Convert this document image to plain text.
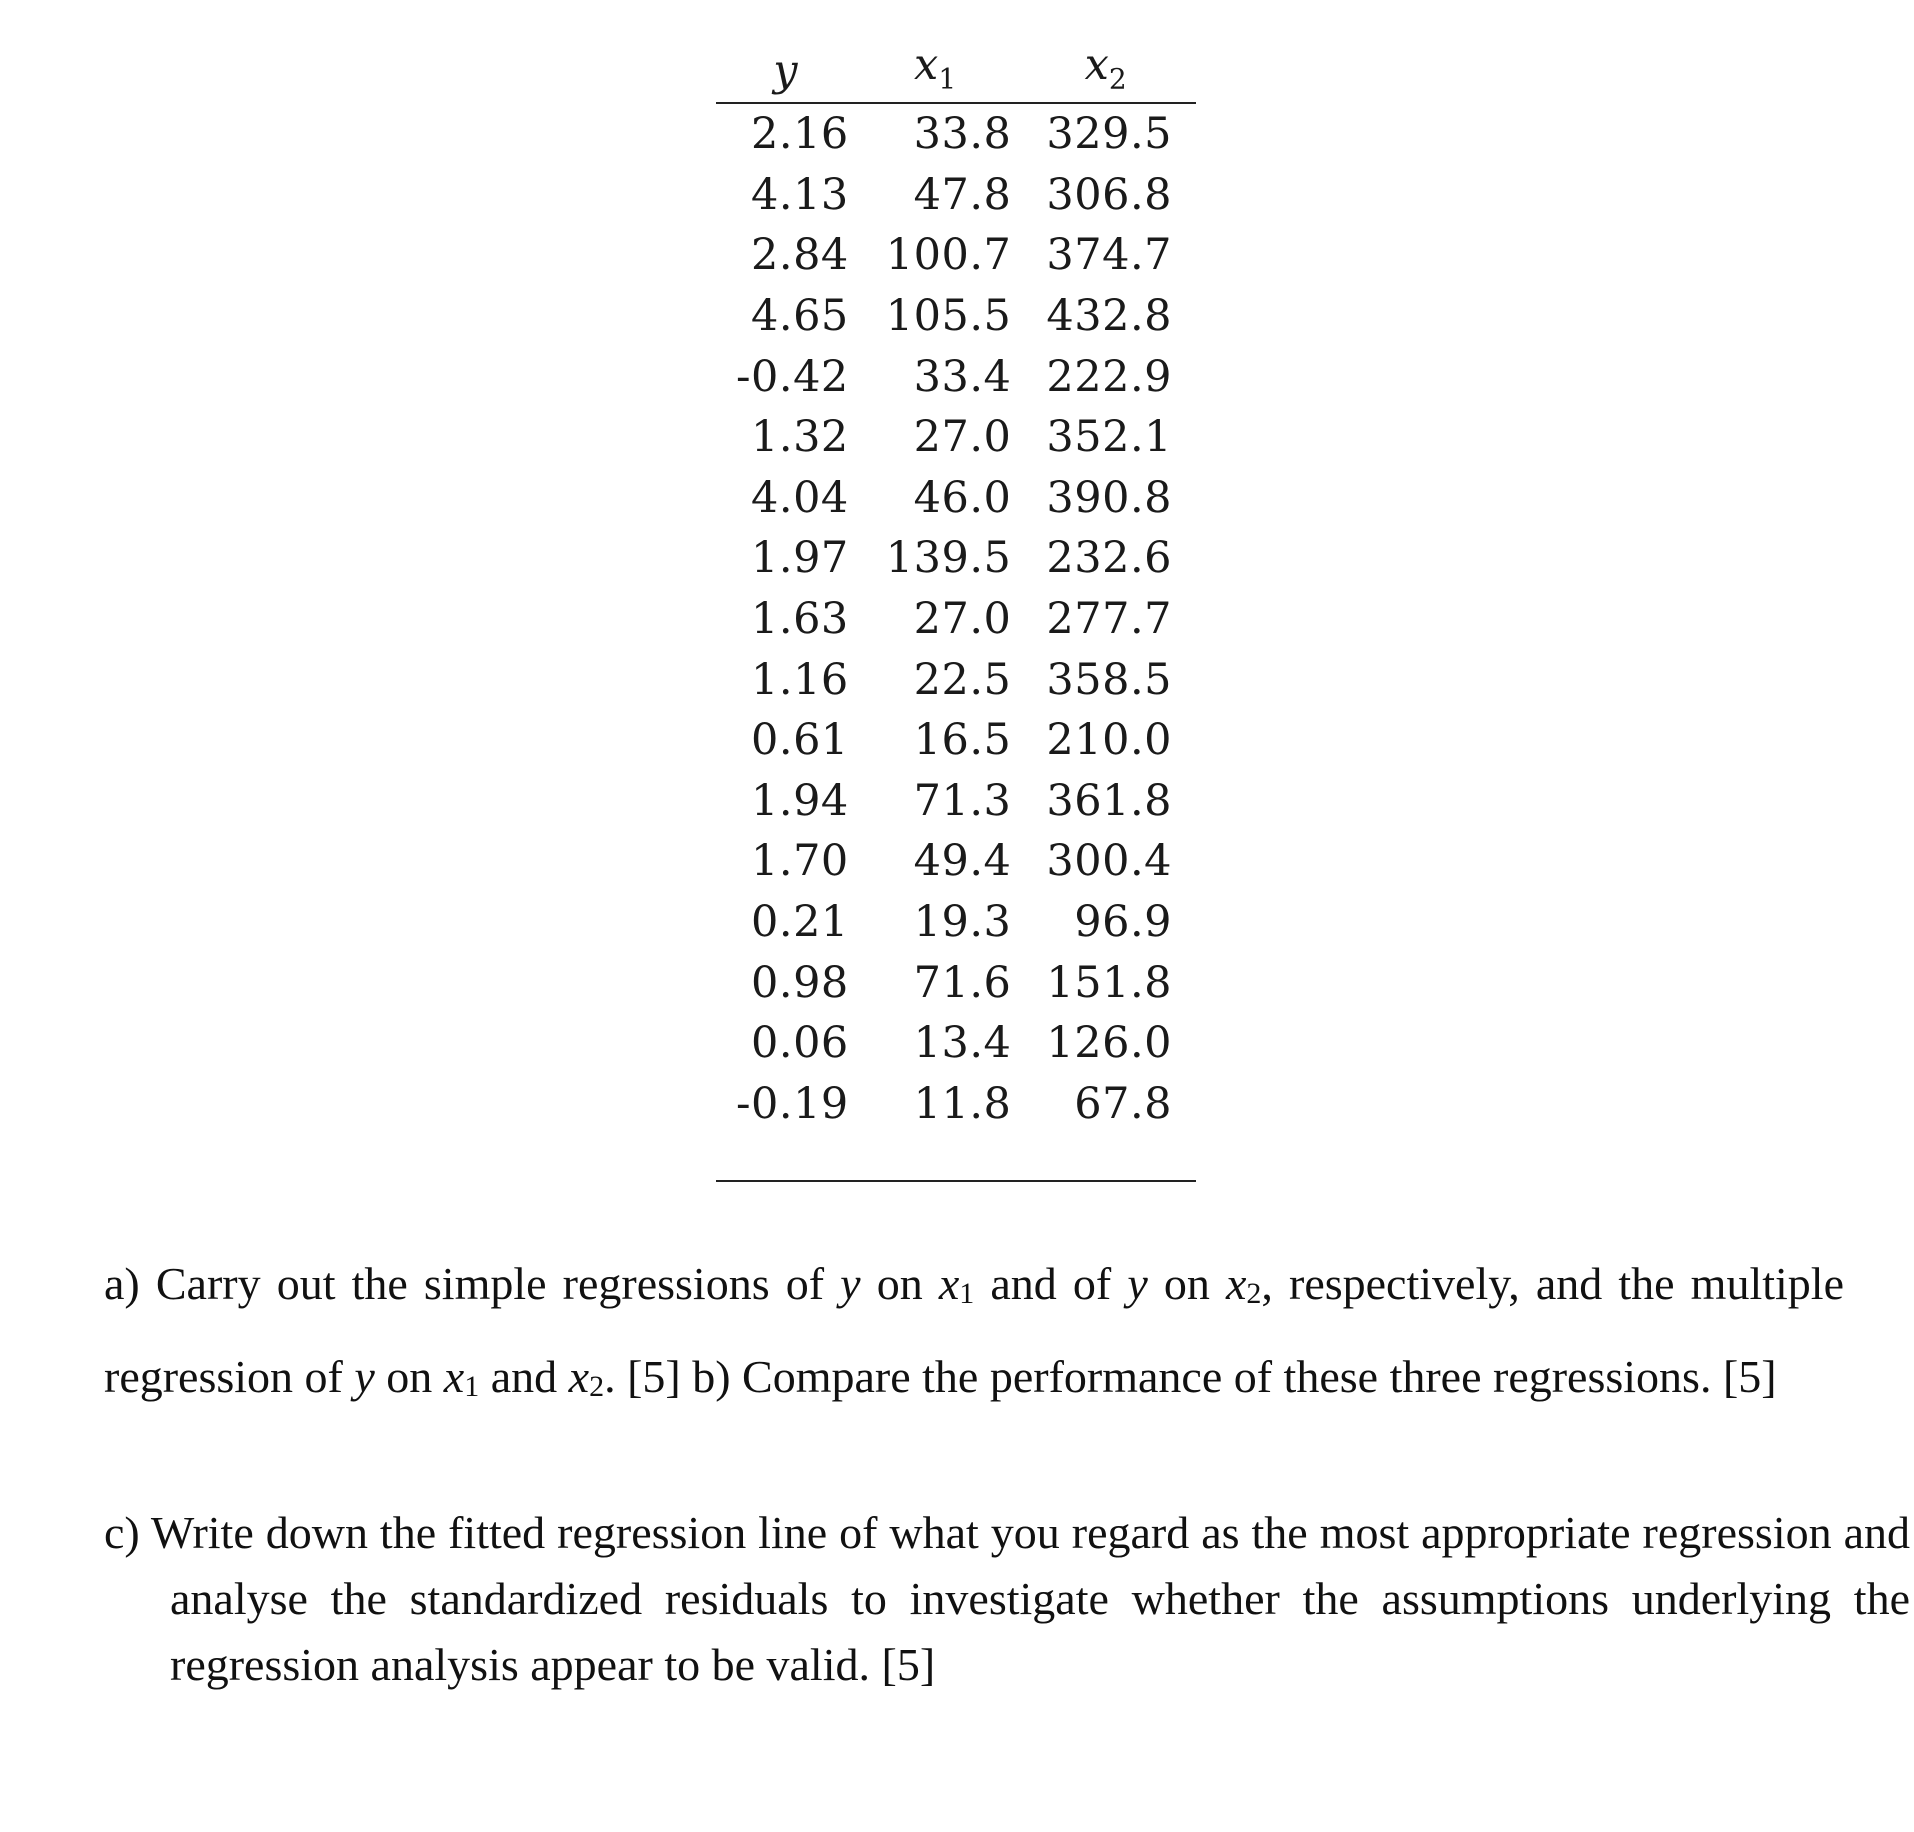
y	$x_1$	$x_2$
2.16	33.8	329.5
4.13	47.8	306.8
2.84	100.7	374.7
4.65	105.5	432.8
-0.42	33.4	222.9
1.32	27.0	352.1
4.04	46.0	390.8
1.97	139.5	232.6
1.63	27.0	277.7
1.16	22.5	358.5
0.61	16.5	210.0
1.94	71.3	361.8
1.70	49.4	300.4
0.21	19.3	96.9
0.98	71.6	151.8
0.06	13.4	126.0
-0.19	11.8	67.8
a) Carry out the simple regressions of y on $x_1$ and of y on $x_2$, respectively, and the multiple regression of y on $x_1$ and $x_2$. [5] b) Compare the performance of these three regressions. [5]
c) Write down the fitted regression line of what you regard as the most appropriate regression and analyse the standardized residuals to investigate whether the assumptions underlying the regression analysis appear to be valid. [5]
